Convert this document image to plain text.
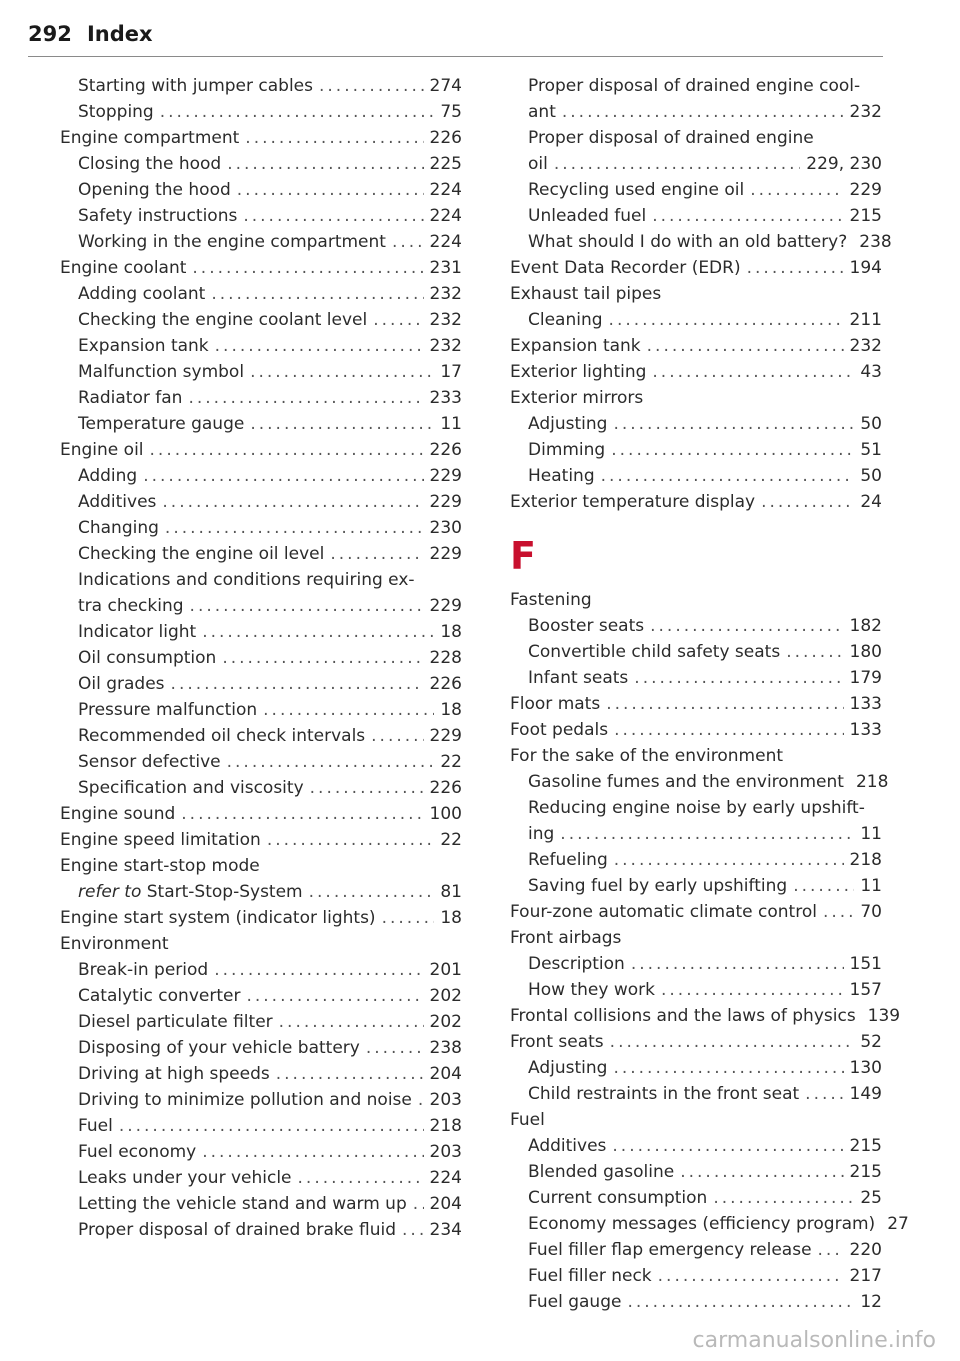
292 Index
Starting with jumper cables .....	274
Stopping .....	75
Engine compartment .....	226
Closing the hood .....	225
Opening the hood .....	224
Safety instructions .....	224
Working in the engine compartment .....	224
Engine coolant .....	231
Adding coolant .....	232
Checking the engine coolant level .....	232
Expansion tank .....	232
Malfunction symbol .....	17
Radiator fan .....	233
Temperature gauge .....	11
Engine oil .....	226
Adding .....	229
Additives .....	229
Changing .....	230
Checking the engine oil level .....	229
Indications and conditions requiring ex-
tra checking .....	229
Indicator light .....	18
Oil consumption .....	228
Oil grades .....	226
Pressure malfunction .....	18
Recommended oil check intervals .....	229
Sensor defective .....	22
Specification and viscosity .....	226
Engine sound .....	100
Engine speed limitation .....	22
Engine start-stop mode
refer to Start-Stop-System .....	81
Engine start system (indicator lights) .....	18
Environment
Break-in period .....	201
Catalytic converter .....	202
Diesel particulate filter .....	202
Disposing of your vehicle battery .....	238
Driving at high speeds .....	204
Driving to minimize pollution and noise ..... 203
Fuel .....	218
Fuel economy .....	203
Leaks under your vehicle .....	224
Letting the vehicle stand and warm up ..... 204
Proper disposal of drained brake fluid ..... 234
Proper disposal of drained engine cool-
ant .....	232
Proper disposal of drained engine
oil .....	229, 230
Recycling used engine oil .....	229
Unleaded fuel .....	215
What should I do with an old battery? 238
Event Data Recorder (EDR) .....	194
Exhaust tail pipes
Cleaning .....	211
Expansion tank .....	232
Exterior lighting .....	43
Exterior mirrors
Adjusting .....	50
Dimming .....	51
Heating .....	50
Exterior temperature display .....	24
F
Fastening
Booster seats .....	182
Convertible child safety seats .....	180
Infant seats .....	179
Floor mats .....	133
Foot pedals .....	133
For the sake of the environment
Gasoline fumes and the environment 218
Reducing engine noise by early upshift-
ing .....	11
Refueling .....	218
Saving fuel by early upshifting .....	11
Four-zone automatic climate control .....	70
Front airbags
Description .....	151
How they work .....	157
Frontal collisions and the laws of physics 139
Front seats .....	52
Adjusting .....	130
Child restraints in the front seat .....	149
Fuel
Additives .....	215
Blended gasoline .....	215
Current consumption .....	25
Economy messages (efficiency program) 27
Fuel filler flap emergency release ..... 220
Fuel filler neck .....	217
Fuel gauge .....	12
carmanualsonline.info
